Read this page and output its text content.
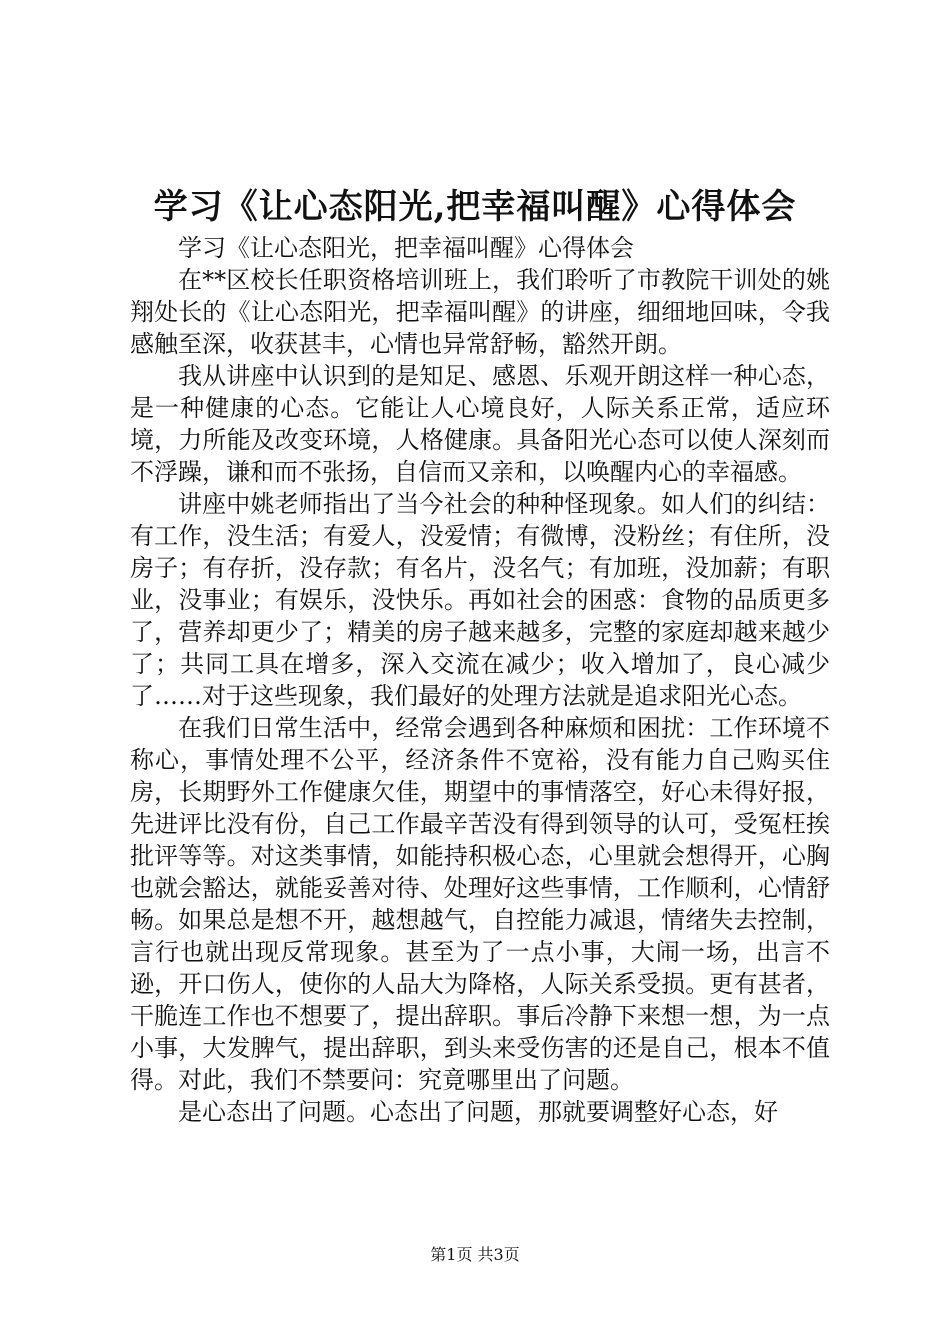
学习《让心态阳光,把幸福叫醒》心得体会

学习《让心态阳光，把幸福叫醒》心得体会

在**区校长任职资格培训班上，我们聆听了市教院干训处的姚翔处长的《让心态阳光，把幸福叫醒》的讲座，细细地回味，令我感触至深，收获甚丰，心情也异常舒畅，豁然开朗。

我从讲座中认识到的是知足、感恩、乐观开朗这样一种心态，是一种健康的心态。它能让人心境良好，人际关系正常，适应环境，力所能及改变环境，人格健康。具备阳光心态可以使人深刻而不浮躁，谦和而不张扬，自信而又亲和，以唤醒内心的幸福感。

讲座中姚老师指出了当今社会的种种怪现象。如人们的纠结：有工作，没生活；有爱人，没爱情；有微博，没粉丝；有住所，没房子；有存折，没存款；有名片，没名气；有加班，没加薪；有职业，没事业；有娱乐，没快乐。再如社会的困惑：食物的品质更多了，营养却更少了；精美的房子越来越多，完整的家庭却越来越少了；共同工具在增多，深入交流在减少；收入增加了，良心减少了……对于这些现象，我们最好的处理方法就是追求阳光心态。

在我们日常生活中，经常会遇到各种麻烦和困扰：工作环境不称心，事情处理不公平，经济条件不宽裕，没有能力自己购买住房，长期野外工作健康欠佳，期望中的事情落空，好心未得好报，先进评比没有份，自己工作最辛苦没有得到领导的认可，受冤枉挨批评等等。对这类事情，如能持积极心态，心里就会想得开，心胸也就会豁达，就能妥善对待、处理好这些事情，工作顺利，心情舒畅。如果总是想不开，越想越气，自控能力减退，情绪失去控制，言行也就出现反常现象。甚至为了一点小事，大闹一场，出言不逊，开口伤人，使你的人品大为降格，人际关系受损。更有甚者，干脆连工作也不想要了，提出辞职。事后冷静下来想一想，为一点小事，大发脾气，提出辞职，到头来受伤害的还是自己，根本不值得。对此，我们不禁要问：究竟哪里出了问题。

是心态出了问题。心态出了问题，那就要调整好心态，好

第1页 共3页
